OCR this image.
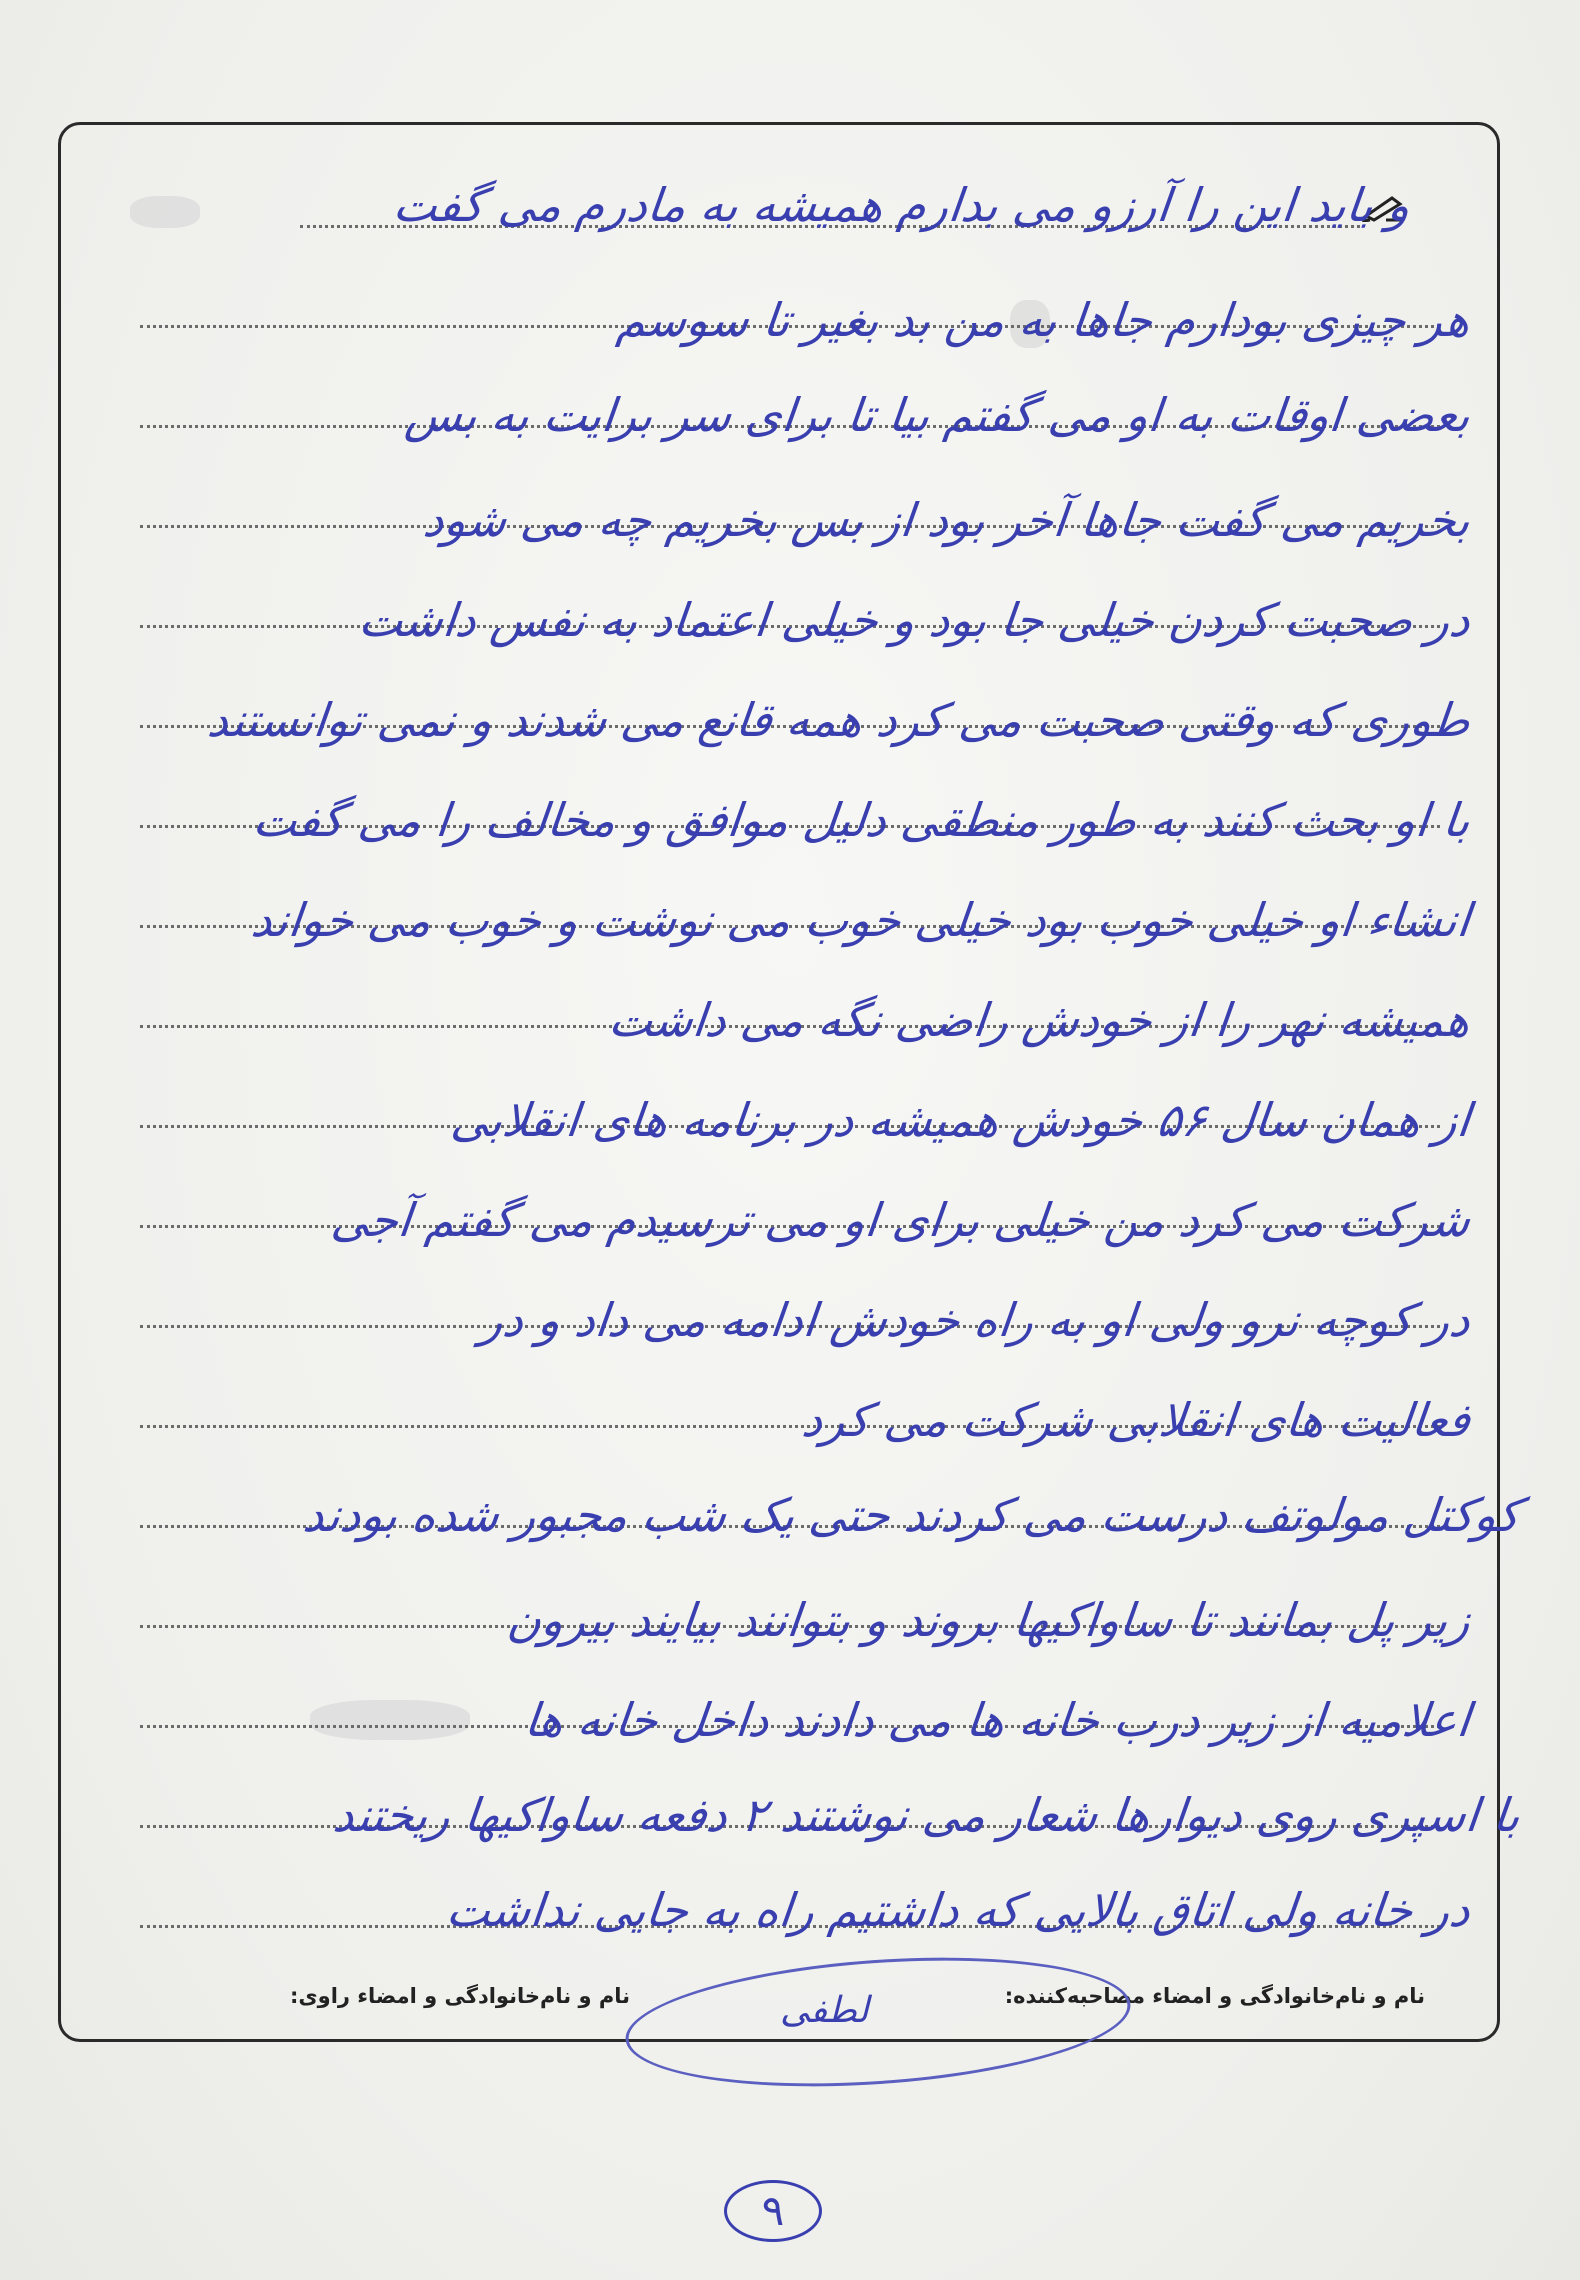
و باید این را آرزو می بدارم همیشه به مادرم می گفت
هر چیزی بودارم جاها به من بد بغیر تا سوسم
بعضی اوقات به او می گفتم بیا تا برای سر برایت به بس
بخریم می گفت جاها آخر بود از بس بخریم چه می شود
در صحبت کردن خیلی جا بود و خیلی اعتماد به نفس داشت
طوری که وقتی صحبت می کرد همه قانع می شدند و نمی توانستند
با او بحث کنند به طور منطقی دلیل موافق و مخالف را می گفت
انشاء او خیلی خوب بود خیلی خوب می نوشت و خوب می خواند
همیشه نهر را از خودش راضی نگه می داشت
از همان سال ۵۶ خودش همیشه در برنامه های انقلابی
شرکت می کرد من خیلی برای او می ترسیدم می گفتم آجی
در کوچه نرو ولی او به راه خودش ادامه می داد و در
فعالیت های انقلابی شرکت می کرد
کوکتل مولوتف درست می کردند حتی یک شب مجبور شده بودند
زیر پل بمانند تا ساواکیها بروند و بتوانند بیایند بیرون
اعلامیه از زیر درب خانه ها می دادند داخل خانه ها
با اسپری روی دیوارها شعار می نوشتند ۲ دفعه ساواکیها ریختند
در خانه ولی اتاق بالایی که داشتیم راه به جایی نداشت
نام و نام‌خانوادگی و امضاء مصاحبه‌کننده:
نام و نام‌خانوادگی و امضاء راوی:	لطفی
۹
